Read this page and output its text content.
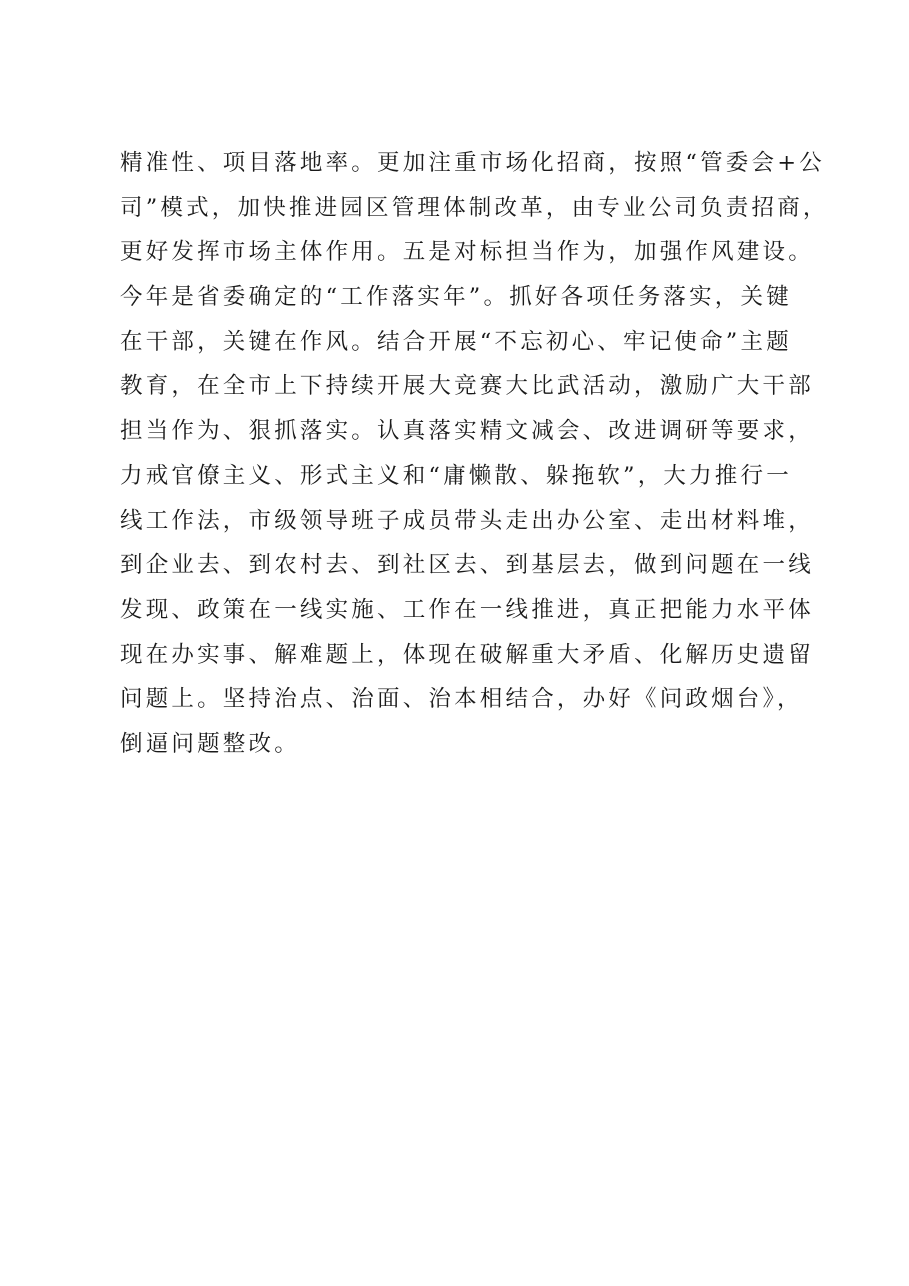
精准性、项目落地率。更加注重市场化招商，按照“管委会+公
司”模式，加快推进园区管理体制改革，由专业公司负责招商，
更好发挥市场主体作用。五是对标担当作为，加强作风建设。
今年是省委确定的“工作落实年”。抓好各项任务落实，关键
在干部，关键在作风。结合开展“不忘初心、牢记使命”主题
教育，在全市上下持续开展大竞赛大比武活动，激励广大干部
担当作为、狠抓落实。认真落实精文减会、改进调研等要求，
力戒官僚主义、形式主义和“庸懒散、躲拖软”，大力推行一
线工作法，市级领导班子成员带头走出办公室、走出材料堆，
到企业去、到农村去、到社区去、到基层去，做到问题在一线
发现、政策在一线实施、工作在一线推进，真正把能力水平体
现在办实事、解难题上，体现在破解重大矛盾、化解历史遗留
问题上。坚持治点、治面、治本相结合，办好《问政烟台》，
倒逼问题整改。
